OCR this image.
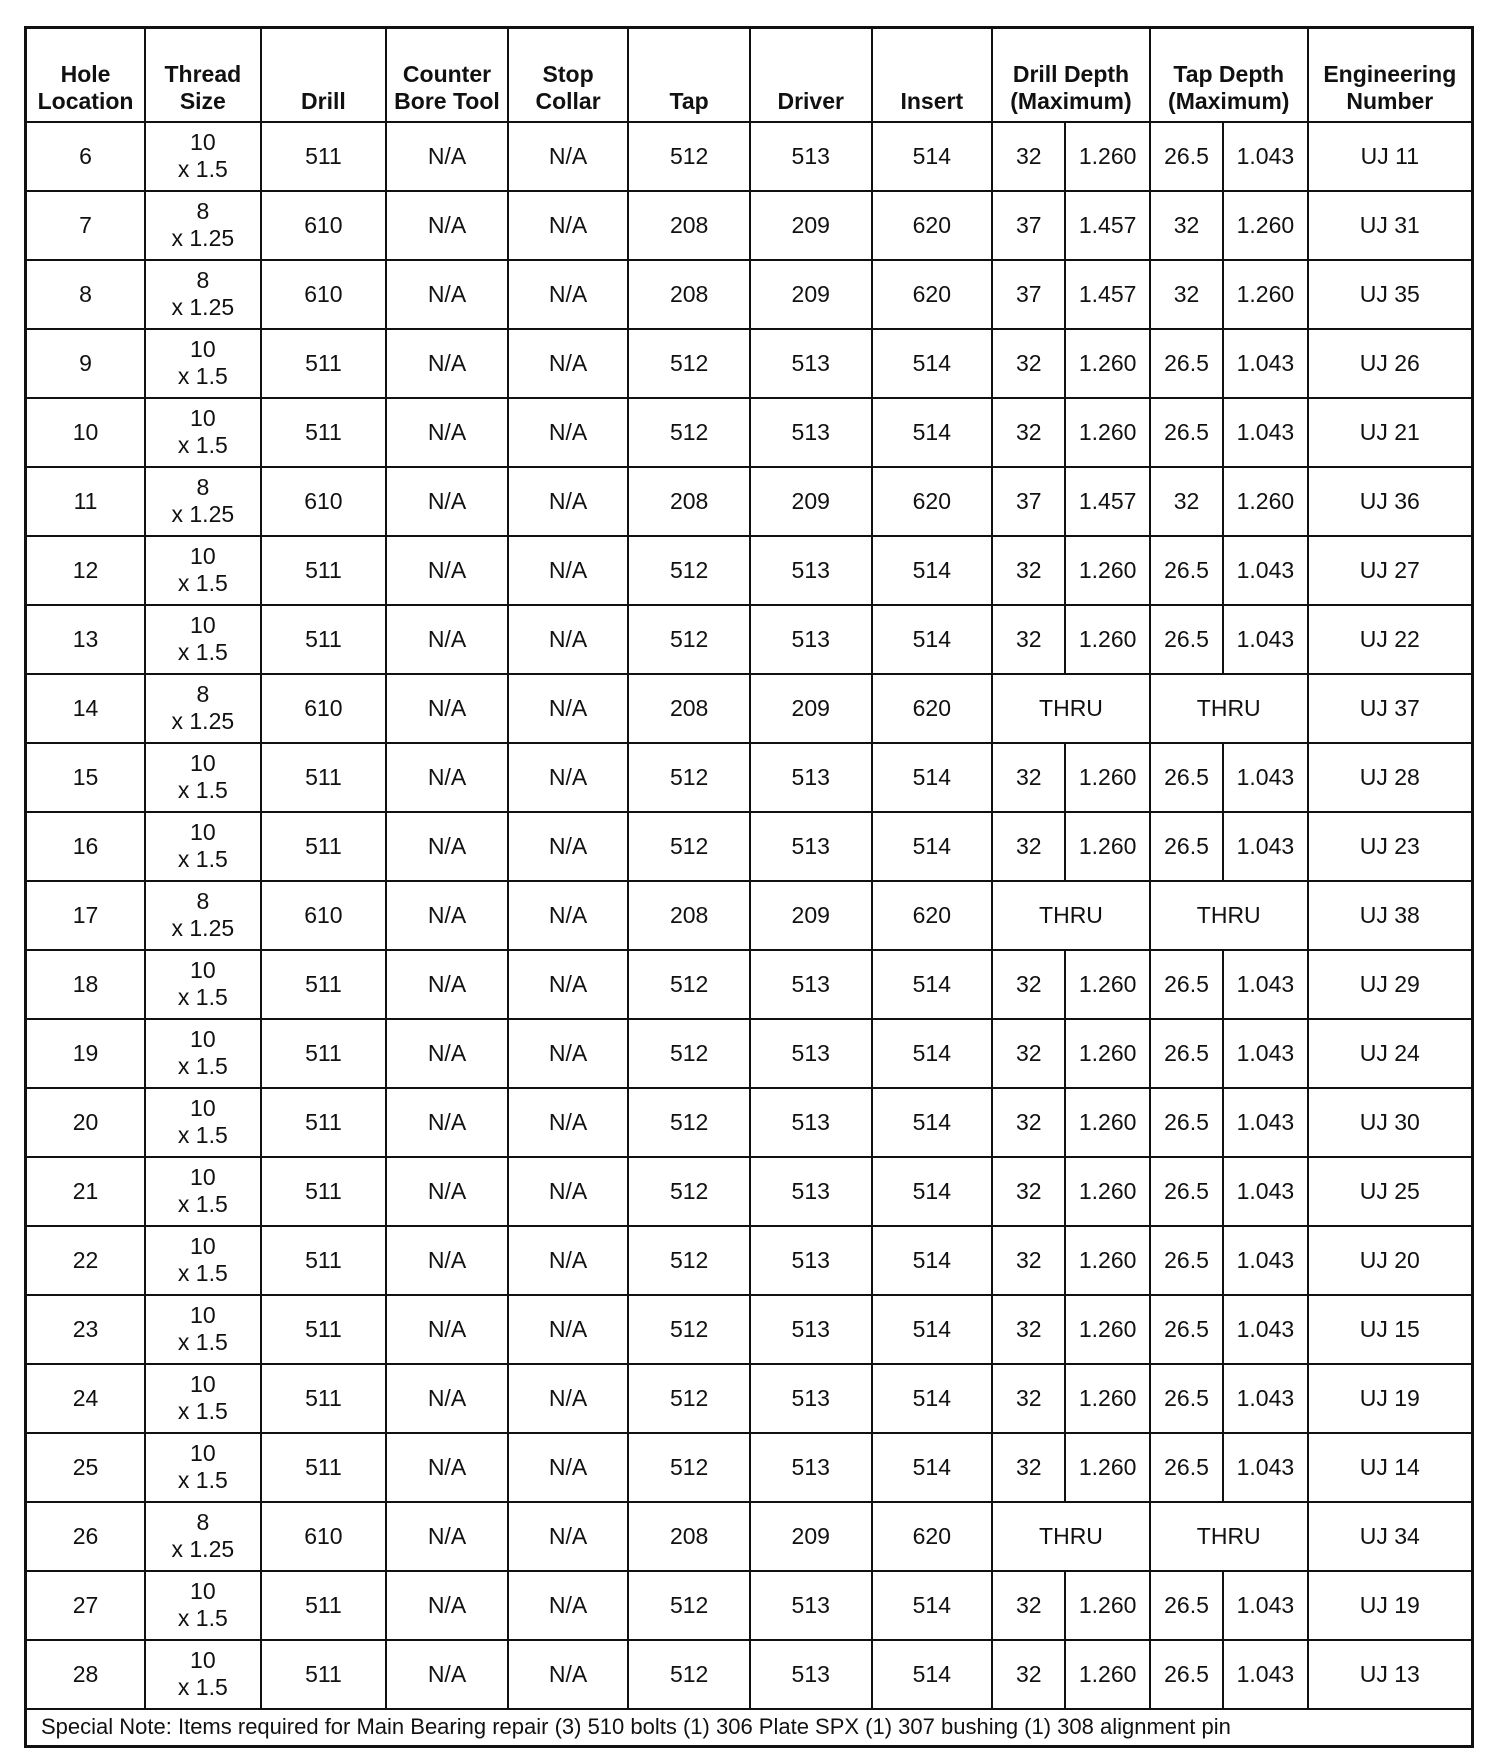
Hole Location	Thread Size	Drill	Counter Bore Tool	Stop Collar	Tap	Driver	Insert	Drill Depth (Maximum)		Tap Depth (Maximum)		Engineering Number
6	10
x 1.5	511	N/A	N/A	512	513	514	32	1.260	26.5	1.043	UJ 11
7	8
x 1.25	610	N/A	N/A	208	209	620	37	1.457	32	1.260	UJ 31
8	8
x 1.25	610	N/A	N/A	208	209	620	37	1.457	32	1.260	UJ 35
9	10
x 1.5	511	N/A	N/A	512	513	514	32	1.260	26.5	1.043	UJ 26
10	10
x 1.5	511	N/A	N/A	512	513	514	32	1.260	26.5	1.043	UJ 21
11	8
x 1.25	610	N/A	N/A	208	209	620	37	1.457	32	1.260	UJ 36
12	10
x 1.5	511	N/A	N/A	512	513	514	32	1.260	26.5	1.043	UJ 27
13	10
x 1.5	511	N/A	N/A	512	513	514	32	1.260	26.5	1.043	UJ 22
14	8
x 1.25	610	N/A	N/A	208	209	620	THRU		THRU		UJ 37
15	10
x 1.5	511	N/A	N/A	512	513	514	32	1.260	26.5	1.043	UJ 28
16	10
x 1.5	511	N/A	N/A	512	513	514	32	1.260	26.5	1.043	UJ 23
17	8
x 1.25	610	N/A	N/A	208	209	620	THRU		THRU		UJ 38
18	10
x 1.5	511	N/A	N/A	512	513	514	32	1.260	26.5	1.043	UJ 29
19	10
x 1.5	511	N/A	N/A	512	513	514	32	1.260	26.5	1.043	UJ 24
20	10
x 1.5	511	N/A	N/A	512	513	514	32	1.260	26.5	1.043	UJ 30
21	10
x 1.5	511	N/A	N/A	512	513	514	32	1.260	26.5	1.043	UJ 25
22	10
x 1.5	511	N/A	N/A	512	513	514	32	1.260	26.5	1.043	UJ 20
23	10
x 1.5	511	N/A	N/A	512	513	514	32	1.260	26.5	1.043	UJ 15
24	10
x 1.5	511	N/A	N/A	512	513	514	32	1.260	26.5	1.043	UJ 19
25	10
x 1.5	511	N/A	N/A	512	513	514	32	1.260	26.5	1.043	UJ 14
26	8
x 1.25	610	N/A	N/A	208	209	620	THRU		THRU		UJ 34
27	10
x 1.5	511	N/A	N/A	512	513	514	32	1.260	26.5	1.043	UJ 19
28	10
x 1.5	511	N/A	N/A	512	513	514	32	1.260	26.5	1.043	UJ 13
Special Note: Items required for Main Bearing repair (3) 510 bolts (1) 306 Plate SPX (1) 307 bushing (1) 308 alignment pin												
